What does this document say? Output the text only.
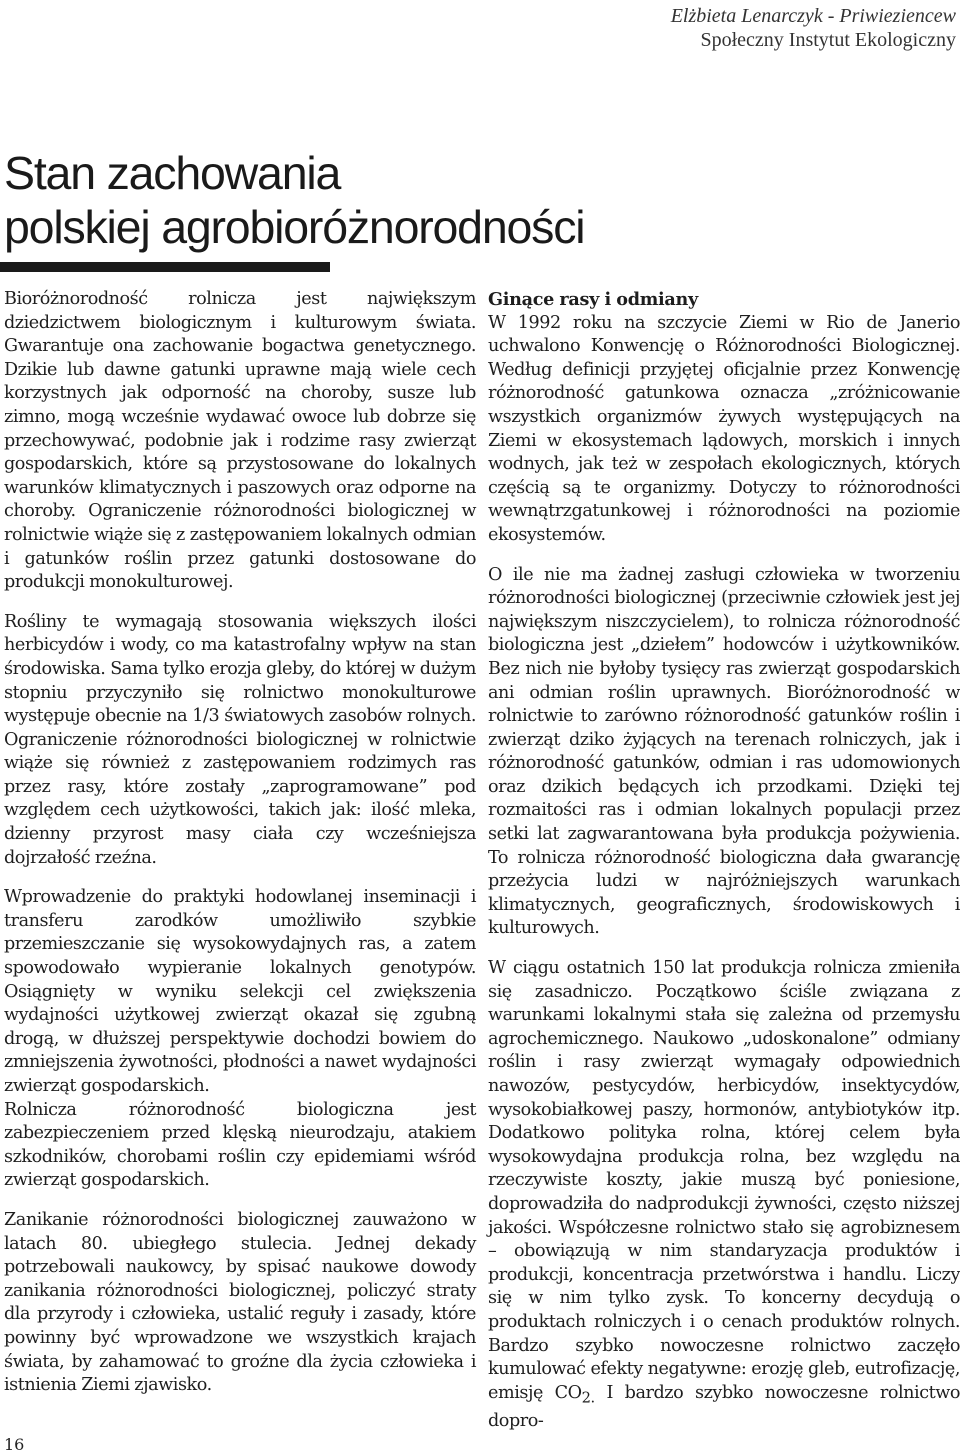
Elżbieta Lenarczyk - Priwieziencew
Społeczny Instytut Ekologiczny
Stan zachowania
polskiej agrobioróżnorodności

Bioróżnorodność rolnicza jest największym dziedzictwem biologicznym i kulturowym świata. Gwarantuje ona zachowanie bogactwa genetycznego. Dzikie lub dawne gatunki uprawne mają wiele cech korzystnych jak odporność na choroby, susze lub zimno, mogą wcześnie wydawać owoce lub dobrze się przechowywać, podobnie jak i rodzime rasy zwierząt gospodarskich, które są przystosowane do lokalnych warunków klimatycznych i paszowych oraz odporne na choroby. Ograniczenie różnorodności biologicznej w rolnictwie wiąże się z zastępowaniem lokalnych odmian i gatunków roślin przez gatunki dostosowane do produkcji monokulturowej.

Rośliny te wymagają stosowania większych ilości herbicydów i wody, co ma katastrofalny wpływ na stan środowiska. Sama tylko erozja gleby, do której w dużym stopniu przyczyniło się rolnictwo monokulturowe występuje obecnie na 1/3 światowych zasobów rolnych. Ograniczenie różnorodności biologicznej w rolnictwie wiąże się również z zastępowaniem rodzimych ras przez rasy, które zostały „zaprogramowane” pod względem cech użytkowości, takich jak: ilość mleka, dzienny przyrost masy ciała czy wcześniejsza dojrzałość rzeźna.

Wprowadzenie do praktyki hodowlanej inseminacji i transferu zarodków umożliwiło szybkie przemieszczanie się wysokowydajnych ras, a zatem spowodowało wypieranie lokalnych genotypów. Osiągnięty w wyniku selekcji cel zwiększenia wydajności użytkowej zwierząt okazał się zgubną drogą, w dłuższej perspektywie dochodzi bowiem do zmniejszenia żywotności, płodności a nawet wydajności zwierząt gospodarskich.

Rolnicza różnorodność biologiczna jest zabezpieczeniem przed klęską nieurodzaju, atakiem szkodników, chorobami roślin czy epidemiami wśród zwierząt gospodarskich.

Zanikanie różnorodności biologicznej zauważono w latach 80. ubiegłego stulecia. Jednej dekady potrzebowali naukowcy, by spisać naukowe dowody zanikania różnorodności biologicznej, policzyć straty dla przyrody i człowieka, ustalić reguły i zasady, które powinny być wprowadzone we wszystkich krajach świata, by zahamować to groźne dla życia człowieka i istnienia Ziemi zjawisko.

Ginące rasy i odmiany

W 1992 roku na szczycie Ziemi w Rio de Janerio uchwalono Konwencję o Różnorodności Biologicznej. Według definicji przyjętej oficjalnie przez Konwencję różnorodność gatunkowa oznacza „zróżnicowanie wszystkich organizmów żywych występujących na Ziemi w ekosystemach lądowych, morskich i innych wodnych, jak też w zespołach ekologicznych, których częścią są te organizmy. Dotyczy to różnorodności wewnątrzgatunkowej i różnorodności na poziomie ekosystemów.

O ile nie ma żadnej zasługi człowieka w tworzeniu różnorodności biologicznej (przeciwnie człowiek jest jej największym niszczycielem), to rolnicza różnorodność biologiczna jest „dziełem” hodowców i użytkowników. Bez nich nie byłoby tysięcy ras zwierząt gospodarskich ani odmian roślin uprawnych. Bioróżnorodność w rolnictwie to zarówno różnorodność gatunków roślin i zwierząt dziko żyjących na terenach rolniczych, jak i różnorodność gatunków, odmian i ras udomowionych oraz dzikich będących ich przodkami. Dzięki tej rozmaitości ras i odmian lokalnych populacji przez setki lat zagwarantowana była produkcja pożywienia. To rolnicza różnorodność biologiczna dała gwarancję przeżycia ludzi w najróżniejszych warunkach klimatycznych, geograficznych, środowiskowych i kulturowych.

W ciągu ostatnich 150 lat produkcja rolnicza zmieniła się zasadniczo. Początkowo ściśle związana z warunkami lokalnymi stała się zależna od przemysłu agrochemicznego. Naukowo „udoskonalone” odmiany roślin i rasy zwierząt wymagały odpowiednich nawozów, pestycydów, herbicydów, insektycydów, wysokobiałkowej paszy, hormonów, antybiotyków itp. Dodatkowo polityka rolna, której celem była wysokowydajna produkcja rolna, bez względu na rzeczywiste koszty, jakie muszą być poniesione, doprowadziła do nadprodukcji żywności, często niższej jakości. Współczesne rolnictwo stało się agrobiznesem – obowiązują w nim standaryzacja produktów i produkcji, koncentracja przetwórstwa i handlu. Liczy się w nim tylko zysk. To koncerny decydują o produktach rolniczych i o cenach produktów rolnych. Bardzo szybko nowoczesne rolnictwo zaczęło kumulować efekty negatywne: erozję gleb, eutrofizację, emisję $CO_{2.}$ I bardzo szybko nowoczesne rolnictwo dopro-

16
